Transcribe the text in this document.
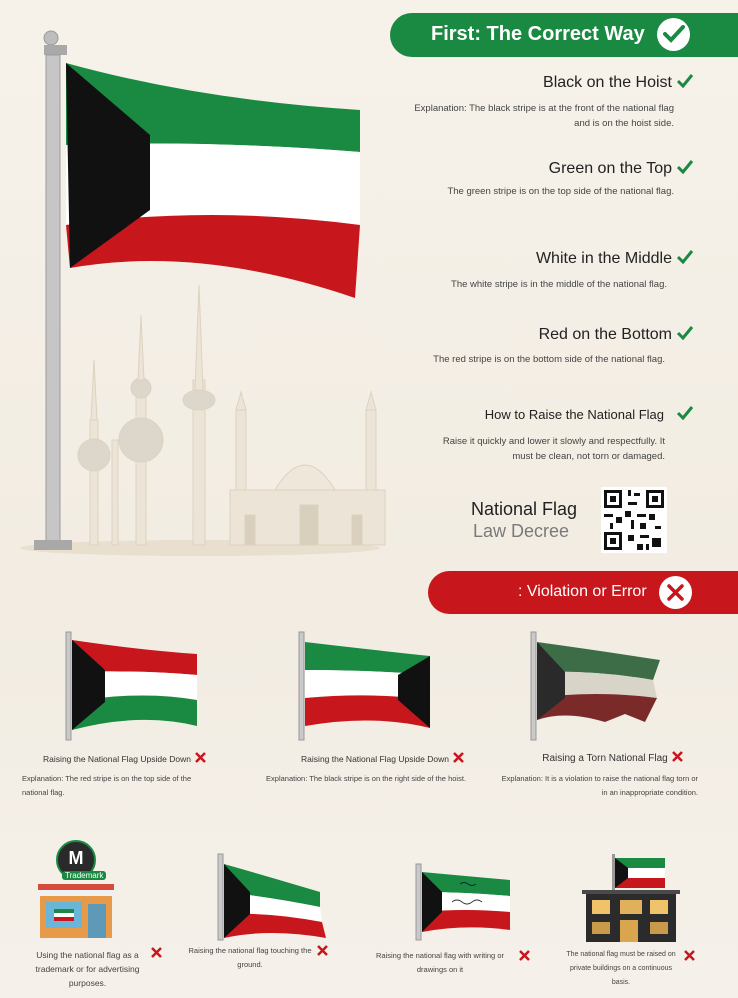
First: The Correct Way
Black on the Hoist
Explanation: The black stripe is at the front of the national flag and is on the hoist side.
Green on the Top
The green stripe is on the top side of the national flag.
White in the Middle
The white stripe is in the middle of the national flag.
Red on the Bottom
The red stripe is on the bottom side of the national flag.
How to Raise the National Flag
Raise it quickly and lower it slowly and respectfully. It must be clean, not torn or damaged.
National Flag
Law Decree
: Violation or Error
Raising the National Flag Upside Down
Explanation: The red stripe is on the top side of the national flag.
Raising the National Flag Upside Down
Explanation: The black stripe is on the right side of the hoist.
Raising a Torn National Flag
Explanation: It is a violation to raise the national flag torn or in an inappropriate condition.
M
Trademark
Using the national flag as a trademark or for advertising purposes.
Raising the national flag touching the ground.
Raising the national flag with writing or drawings on it
The national flag must be raised on private buildings on a continuous basis.
